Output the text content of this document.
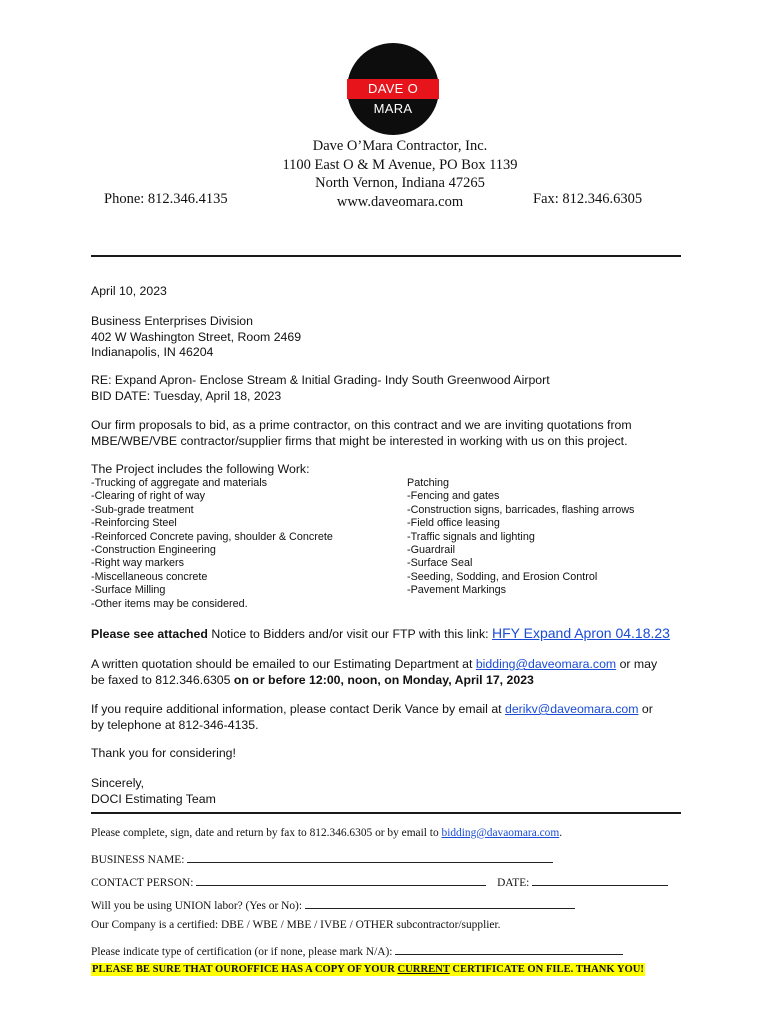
DAVE O MARA
Dave O’Mara Contractor, Inc.
1100 East O & M Avenue, PO Box 1139
North Vernon, Indiana 47265
www.daveomara.com
Phone: 812.346.4135	Fax: 812.346.6305
April 10, 2023

Business Enterprises Division

402 W Washington Street, Room 2469

Indianapolis, IN 46204

RE: Expand Apron- Enclose Stream & Initial Grading- Indy South Greenwood Airport

BID DATE: Tuesday, April 18, 2023

Our firm proposals to bid, as a prime contractor, on this contract and we are inviting quotations from

MBE/WBE/VBE contractor/supplier firms that might be interested in working with us on this project.

The Project includes the following Work:
-Trucking of aggregate and materials
-Clearing of right of way
-Sub-grade treatment
-Reinforcing Steel
-Reinforced Concrete paving, shoulder & Concrete
-Construction Engineering
-Right way markers
-Miscellaneous concrete
-Surface Milling
-Other items may be considered.
Patching
-Fencing and gates
-Construction signs, barricades, flashing arrows
-Field office leasing
-Traffic signals and lighting
-Guardrail
-Surface Seal
-Seeding, Sodding, and Erosion Control
-Pavement Markings
Please see attached Notice to Bidders and/or visit our FTP with this link: HFY Expand Apron 04.18.23

A written quotation should be emailed to our Estimating Department at bidding@daveomara.com or may

be faxed to 812.346.6305 on or before 12:00, noon, on Monday, April 17, 2023

If you require additional information, please contact Derik Vance by email at derikv@daveomara.com or

by telephone at 812-346-4135.

Thank you for considering!

Sincerely,

DOCI Estimating Team

Please complete, sign, date and return by fax to 812.346.6305 or by email to bidding@davaomara.com.
BUSINESS NAME:
CONTACT PERSON:	DATE:
Will you be using UNION labor? (Yes or No):
Our Company is a certified: DBE / WBE / MBE / IVBE / OTHER subcontractor/supplier.
Please indicate type of certification (or if none, please mark N/A):
PLEASE BE SURE THAT OUROFFICE HAS A COPY OF YOUR CURRENT CERTIFICATE ON FILE. THANK YOU!
